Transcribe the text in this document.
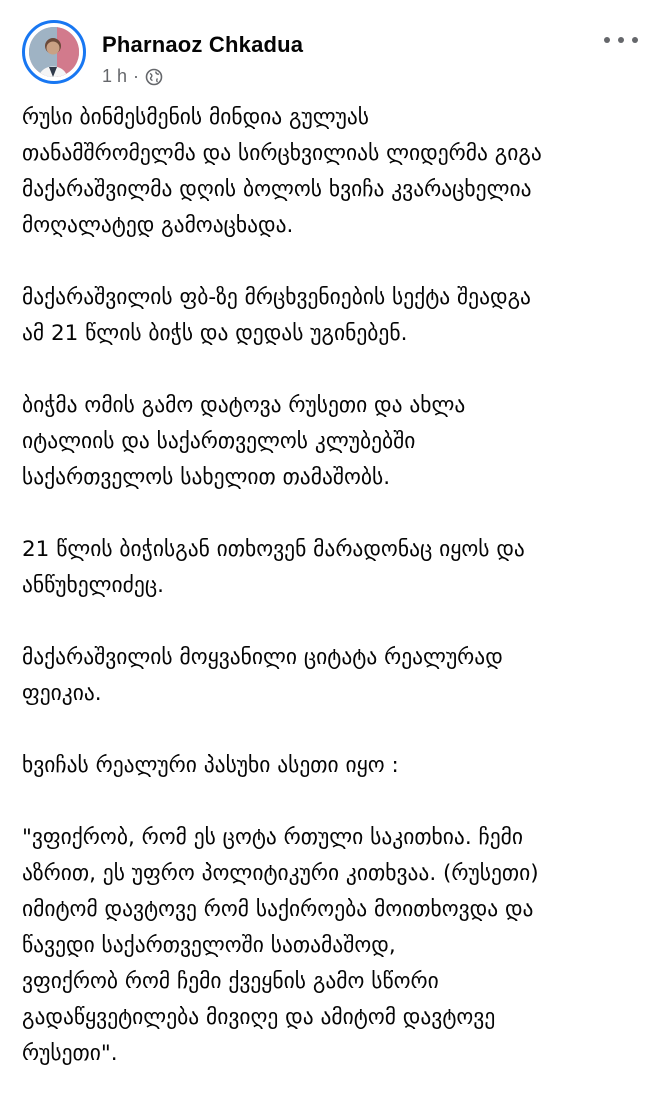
Pharnaoz Chkadua
1 h ·
რუსი ბინმესმენის მინდია გულუას
თანამშრომელმა და სირცხვილიას ლიდერმა გიგა
მაქარაშვილმა დღის ბოლოს ხვიჩა კვარაცხელია
მოღალატედ გამოაცხადა.
მაქარაშვილის ფბ-ზე მრცხვენიების სექტა შეადგა
ამ 21 წლის ბიჭს და დედას უგინებენ.
ბიჭმა ომის გამო დატოვა რუსეთი და ახლა
იტალიის და საქართველოს კლუბებში
საქართველოს სახელით თამაშობს.
21 წლის ბიჭისგან ითხოვენ მარადონაც იყოს და
ანწუხელიძეც.
მაქარაშვილის მოყვანილი ციტატა რეალურად
ფეიკია.
ხვიჩას რეალური პასუხი ასეთი იყო :
"ვფიქრობ, რომ ეს ცოტა რთული საკითხია. ჩემი
აზრით, ეს უფრო პოლიტიკური კითხვაა. (რუსეთი)
იმიტომ დავტოვე რომ საქიროება მოითხოვდა და
წავედი საქართველოში სათამაშოდ,
ვფიქრობ რომ ჩემი ქვეყნის გამო სწორი
გადაწყვეტილება მივიღე და ამიტომ დავტოვე
რუსეთი".
